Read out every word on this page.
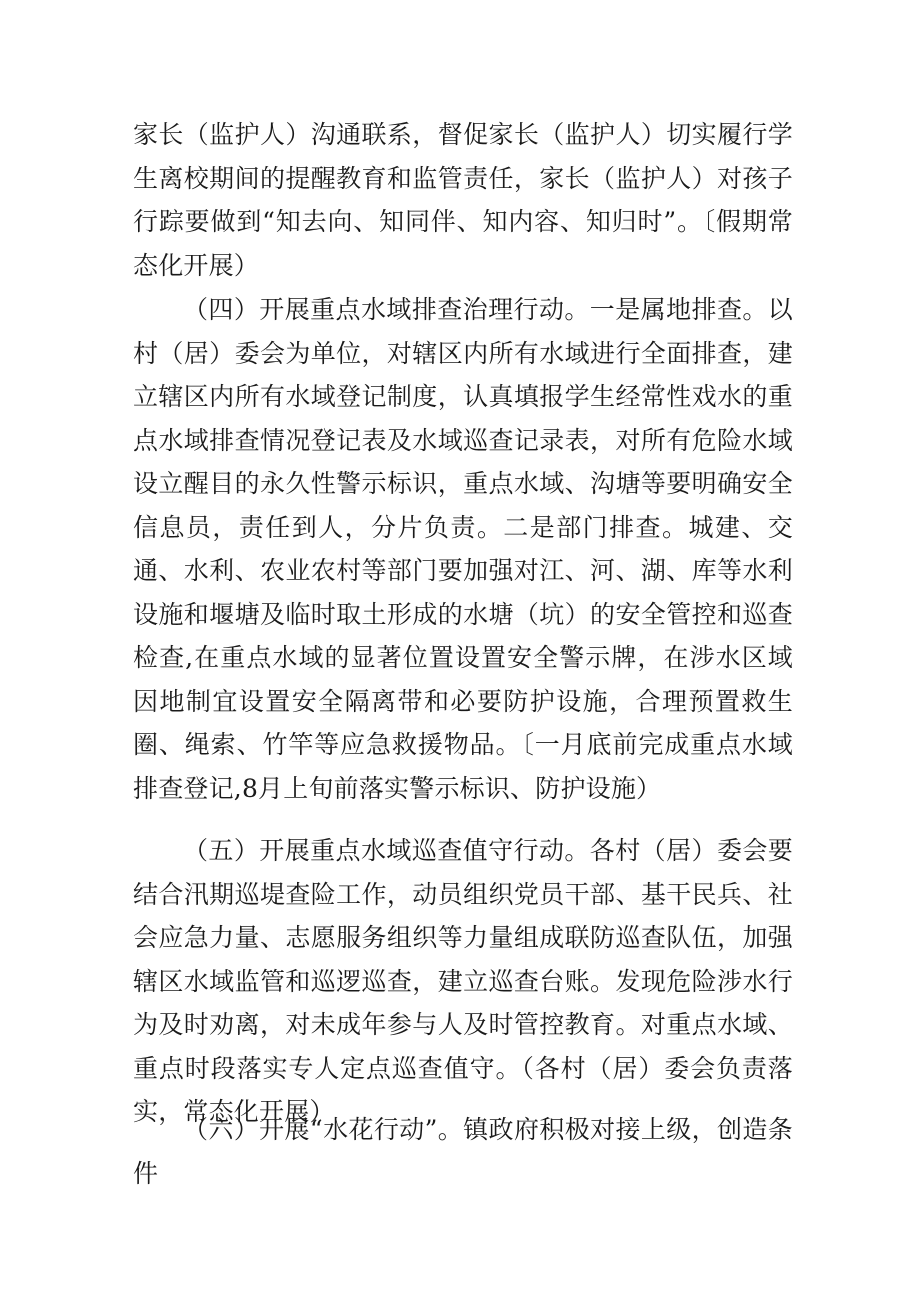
家长（监护人）沟通联系，督促家长（监护人）切实履行学生离校期间的提醒教育和监管责任，家长（监护人）对孩子行踪要做到“知去向、知同伴、知内容、知归时”。〔假期常态化开展）

（四）开展重点水域排查治理行动。一是属地排查。以村（居）委会为单位，对辖区内所有水域进行全面排查，建立辖区内所有水域登记制度，认真填报学生经常性戏水的重点水域排查情况登记表及水域巡查记录表，对所有危险水域设立醒目的永久性警示标识，重点水域、沟塘等要明确安全信息员，责任到人，分片负责。二是部门排查。城建、交通、水利、农业农村等部门要加强对江、河、湖、库等水利设施和堰塘及临时取土形成的水塘（坑）的安全管控和巡查检查,在重点水域的显著位置设置安全警示牌，在涉水区域因地制宜设置安全隔离带和必要防护设施，合理预置救生圈、绳索、竹竿等应急救援物品。〔一月底前完成重点水域排查登记,8月上旬前落实警示标识、防护设施）

（五）开展重点水域巡查值守行动。各村（居）委会要结合汛期巡堤查险工作，动员组织党员干部、基干民兵、社会应急力量、志愿服务组织等力量组成联防巡查队伍，加强辖区水域监管和巡逻巡查，建立巡查台账。发现危险涉水行为及时劝离，对未成年参与人及时管控教育。对重点水域、重点时段落实专人定点巡查值守。（各村（居）委会负责落实，常态化开展）

（六）开展“水花行动”。镇政府积极对接上级，创造条件
